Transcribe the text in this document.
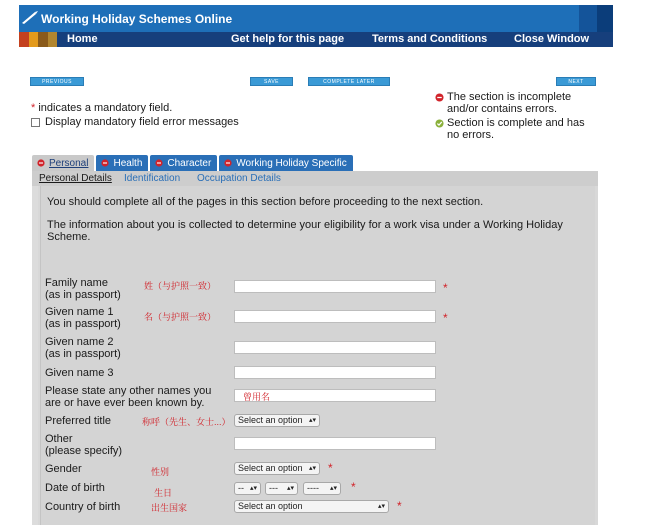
Working Holiday Schemes Online
Home	Get help for this page	Terms and Conditions Close Window
PREVIOUS	SAVE	COMPLETE LATER	NEXT
* indicates a mandatory field.
Display mandatory field error messages
The section is incomplete and/or contains errors.
Section is complete and has no errors.
Personal	Health	Character	Working Holiday Specific
Personal Details Identification Occupation Details
You should complete all of the pages in this section before proceeding to the next section.
The information about you is collected to determine your eligibility for a work visa under a Working Holiday Scheme.
Family name
(as in passport)
姓（与护照一致）	*
Given name 1
(as in passport)
名（与护照一致）	*
Given name 2
(as in passport)
Given name 3
Please state any other names you
are or have ever been known by.	曾用名
Preferred title	称呼（先生、女士...） Select an option ▴▾
Other
(please specify)
Gender	性别	Select an option ▴▾ *
Date of birth	生日	-- ▴▾	--- ▴▾	---- ▴▾ *
Country of birth	出生国家	Select an option	▴▾ *
